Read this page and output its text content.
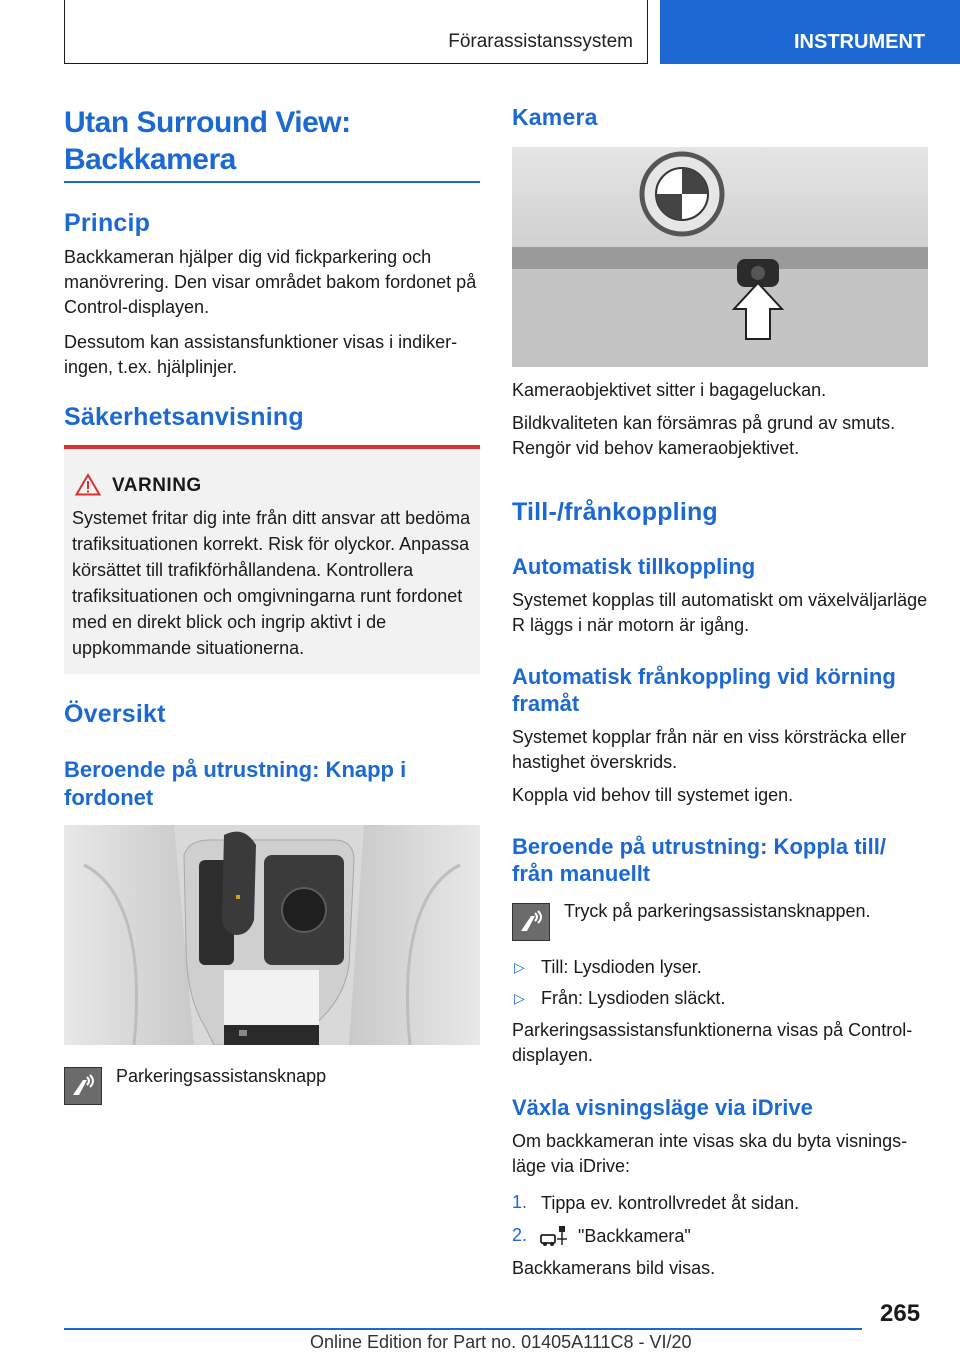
Förarassistanssystem	INSTRUMENT
Utan Surround View:
Backkamera
Princip
Backkameran hjälper dig vid fickparkering och manövrering. Den visar området bakom fordonet på Control-displayen.
Dessutom kan assistansfunktioner visas i indikeringen, t.ex. hjälplinjer.
Säkerhetsanvisning
VARNING
Systemet fritar dig inte från ditt ansvar att bedöma trafiksituationen korrekt. Risk för olyckor. Anpassa körsättet till trafikförhållandena. Kontrollera trafiksituationen och omgivningarna runt fordonet med en direkt blick och ingrip aktivt i de uppkommande situationerna.
Översikt
Beroende på utrustning: Knapp i
fordonet
Parkeringsassistansknapp
Kamera
Kameraobjektivet sitter i bagageluckan.
Bildkvaliteten kan försämras på grund av smuts. Rengör vid behov kameraobjektivet.
Till-/frånkoppling
Automatisk tillkoppling
Systemet kopplas till automatiskt om växelväljarläge R läggs i när motorn är igång.
Automatisk frånkoppling vid körning
framåt
Systemet kopplar från när en viss körsträcka eller hastighet överskrids.
Koppla vid behov till systemet igen.
Beroende på utrustning: Koppla till/
från manuellt
Tryck på parkeringsassistansknappen.
▷ Till: Lysdioden lyser.
▷ Från: Lysdioden släckt.
Parkeringsassistansfunktionerna visas på Control-displayen.
Växla visningsläge via iDrive
Om backkameran inte visas ska du byta visningsläge via iDrive:
1. Tippa ev. kontrollvredet åt sidan.
2.	"Backkamera"
Backkamerans bild visas.
265
Online Edition for Part no. 01405A111C8 - VI/20
